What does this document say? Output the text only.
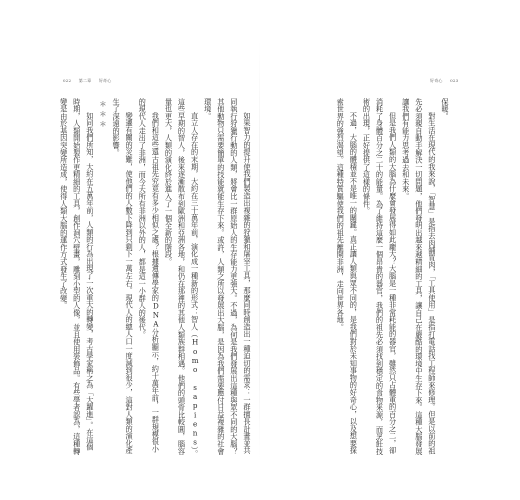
022 第二章 好奇心	好奇心 023

保暖。

對生活在現代的我來說，「智慧」是指去肉舖買肉，「工具使用」是指打電話找工程師來修理。但是以前的祖先必須親自動手解決一切問題，他們發明出越來越精細的工具，讓自己在嚴酷的環境中生存下來。這種大腦發展讓我們有能力思考過去和未來。

但是我們人類的大腦為什麼會發展得如此龐大？大腦是一種非常耗能的器官，雖然只占體重的百分之二，卻消耗了身體百分之二十的能量。為了維持這麼一個昂貴的器官，我們的祖先必須找到穩定的食物來源，而烹飪技術的出現，正好提供了這樣的條件。

不過，大腦的體積並不是唯一的關鍵。真正讓人類與眾不同的，是我們對於未知事物的好奇心，以及想要探索世界的強烈渴望。這種特質驅使我們的祖先離開非洲，走向世界各地。

如果智力的提升使我們製造出複雜的狩獵和屠宰工具，那麼同時創造出一種迫切的需求：一群擅長計畫並共同執行狩獵行動的人類，將會比一群原始人的生存能力更強大。不過，為何是我們發展出這種與眾不同的大腦？其他動物只需要簡單的技能就能生存下來。或許，人類之所以發展出大腦，是因為我們需要應付日益複雜的社會環境。

直立人存在的末期，大約在三十萬年前，演化成一種新的形式：智人（Homo sapiens）。這些早期的智人，後來逐漸散布到歐洲和亞洲各地，和仍在那裡的其他人類族群相遇。他們的頭骨比較圓，腦容量也更大，人類的演化終於進入了一個全新的階段。

我們和這些遠古祖先究竟有多少相似之處？根據遺傳學家的DNA分析顯示，約十萬年前，一群規模很小的現代人走出了非洲，而今天所有非洲以外的人，都是這一小群人的後代。

變遷有關的災難，使他們的人數下降到只剩下一萬左右。現代人的總人口一度減到很少，這對人類的演化產生了深遠的影響。

＊＊＊

如同我們所知，大約在五萬年前，人類的行為出現了一次重大的轉變，考古學家稱之為「大躍進」。在這個時期，人類開始製作更精細的工具，創作洞穴壁畫，雕刻小型的人像，並且使用裝飾品。有些學者認為，這種轉變是由於基因突變所造成，使得人類大腦的運作方式發生了改變。
